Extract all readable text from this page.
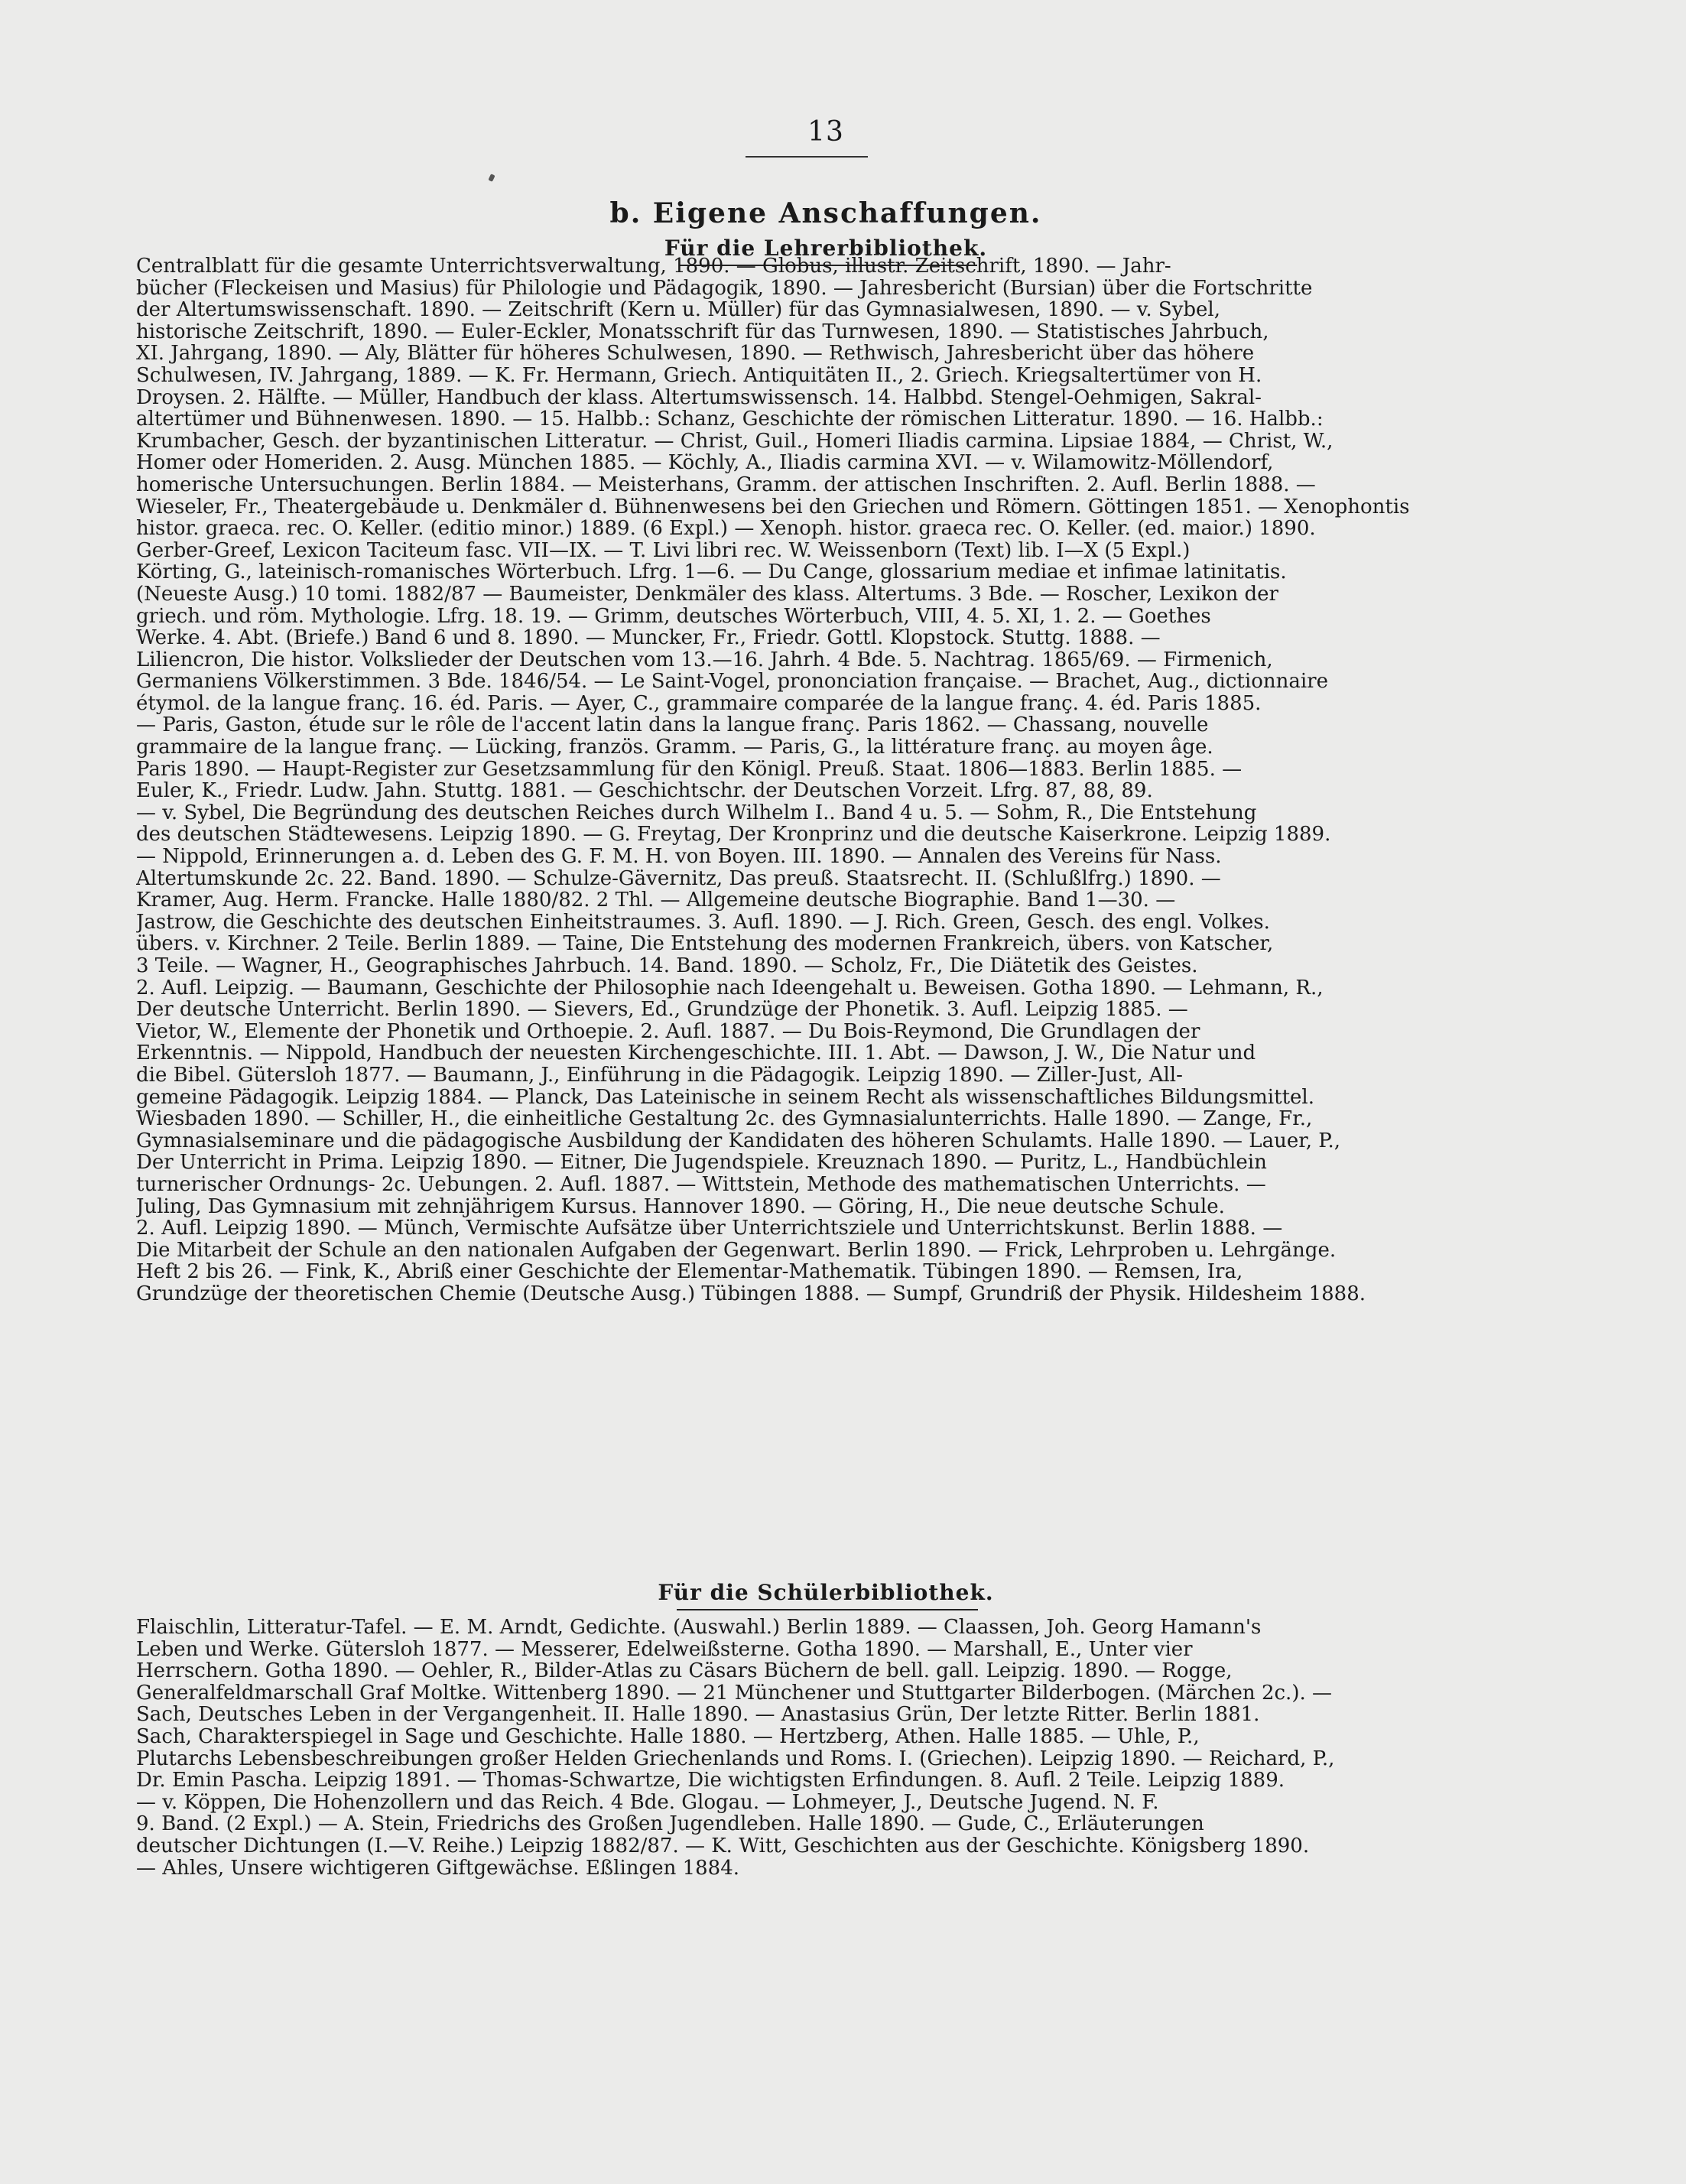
13
b. Eigene Anschaffungen.
Für die Lehrerbibliothek.
Centralblatt für die gesamte Unterrichtsverwaltung, 1890. — Globus, illustr. Zeitschrift, 1890. — Jahr-
bücher (Fleckeisen und Masius) für Philologie und Pädagogik, 1890. — Jahresbericht (Bursian) über die Fortschritte
der Altertumswissenschaft. 1890. — Zeitschrift (Kern u. Müller) für das Gymnasialwesen, 1890. — v. Sybel,
historische Zeitschrift, 1890. — Euler-Eckler, Monatsschrift für das Turnwesen, 1890. — Statistisches Jahrbuch,
XI. Jahrgang, 1890. — Aly, Blätter für höheres Schulwesen, 1890. — Rethwisch, Jahresbericht über das höhere
Schulwesen, IV. Jahrgang, 1889. — K. Fr. Hermann, Griech. Antiquitäten II., 2. Griech. Kriegsaltertümer von H.
Droysen. 2. Hälfte. — Müller, Handbuch der klass. Altertumswissensch. 14. Halbbd. Stengel-Oehmigen, Sakral-
altertümer und Bühnenwesen. 1890. — 15. Halbb.: Schanz, Geschichte der römischen Litteratur. 1890. — 16. Halbb.:
Krumbacher, Gesch. der byzantinischen Litteratur. — Christ, Guil., Homeri Iliadis carmina. Lipsiae 1884, — Christ, W.,
Homer oder Homeriden. 2. Ausg. München 1885. — Köchly, A., Iliadis carmina XVI. — v. Wilamowitz-Möllendorf,
homerische Untersuchungen. Berlin 1884. — Meisterhans, Gramm. der attischen Inschriften. 2. Aufl. Berlin 1888. —
Wieseler, Fr., Theatergebäude u. Denkmäler d. Bühnenwesens bei den Griechen und Römern. Göttingen 1851. — Xenophontis
histor. graeca. rec. O. Keller. (editio minor.) 1889. (6 Expl.) — Xenoph. histor. graeca rec. O. Keller. (ed. maior.) 1890.
Gerber-Greef, Lexicon Taciteum fasc. VII—IX. — T. Livi libri rec. W. Weissenborn (Text) lib. I—X (5 Expl.)
Körting, G., lateinisch-romanisches Wörterbuch. Lfrg. 1—6. — Du Cange, glossarium mediae et infimae latinitatis.
(Neueste Ausg.) 10 tomi. 1882/87 — Baumeister, Denkmäler des klass. Altertums. 3 Bde. — Roscher, Lexikon der
griech. und röm. Mythologie. Lfrg. 18. 19. — Grimm, deutsches Wörterbuch, VIII, 4. 5. XI, 1. 2. — Goethes
Werke. 4. Abt. (Briefe.) Band 6 und 8. 1890. — Muncker, Fr., Friedr. Gottl. Klopstock. Stuttg. 1888. —
Liliencron, Die histor. Volkslieder der Deutschen vom 13.—16. Jahrh. 4 Bde. 5. Nachtrag. 1865/69. — Firmenich,
Germaniens Völkerstimmen. 3 Bde. 1846/54. — Le Saint-Vogel, prononciation française. — Brachet, Aug., dictionnaire
étymol. de la langue franç. 16. éd. Paris. — Ayer, C., grammaire comparée de la langue franç. 4. éd. Paris 1885.
— Paris, Gaston, étude sur le rôle de l'accent latin dans la langue franç. Paris 1862. — Chassang, nouvelle
grammaire de la langue franç. — Lücking, französ. Gramm. — Paris, G., la littérature franç. au moyen âge.
Paris 1890. — Haupt-Register zur Gesetzsammlung für den Königl. Preuß. Staat. 1806—1883. Berlin 1885. —
Euler, K., Friedr. Ludw. Jahn. Stuttg. 1881. — Geschichtschr. der Deutschen Vorzeit. Lfrg. 87, 88, 89.
— v. Sybel, Die Begründung des deutschen Reiches durch Wilhelm I.. Band 4 u. 5. — Sohm, R., Die Entstehung
des deutschen Städtewesens. Leipzig 1890. — G. Freytag, Der Kronprinz und die deutsche Kaiserkrone. Leipzig 1889.
— Nippold, Erinnerungen a. d. Leben des G. F. M. H. von Boyen. III. 1890. — Annalen des Vereins für Nass.
Altertumskunde 2c. 22. Band. 1890. — Schulze-Gävernitz, Das preuß. Staatsrecht. II. (Schlußlfrg.) 1890. —
Kramer, Aug. Herm. Francke. Halle 1880/82. 2 Thl. — Allgemeine deutsche Biographie. Band 1—30. —
Jastrow, die Geschichte des deutschen Einheitstraumes. 3. Aufl. 1890. — J. Rich. Green, Gesch. des engl. Volkes.
übers. v. Kirchner. 2 Teile. Berlin 1889. — Taine, Die Entstehung des modernen Frankreich, übers. von Katscher,
3 Teile. — Wagner, H., Geographisches Jahrbuch. 14. Band. 1890. — Scholz, Fr., Die Diätetik des Geistes.
2. Aufl. Leipzig. — Baumann, Geschichte der Philosophie nach Ideengehalt u. Beweisen. Gotha 1890. — Lehmann, R.,
Der deutsche Unterricht. Berlin 1890. — Sievers, Ed., Grundzüge der Phonetik. 3. Aufl. Leipzig 1885. —
Vietor, W., Elemente der Phonetik und Orthoepie. 2. Aufl. 1887. — Du Bois-Reymond, Die Grundlagen der
Erkenntnis. — Nippold, Handbuch der neuesten Kirchengeschichte. III. 1. Abt. — Dawson, J. W., Die Natur und
die Bibel. Gütersloh 1877. — Baumann, J., Einführung in die Pädagogik. Leipzig 1890. — Ziller-Just, All-
gemeine Pädagogik. Leipzig 1884. — Planck, Das Lateinische in seinem Recht als wissenschaftliches Bildungsmittel.
Wiesbaden 1890. — Schiller, H., die einheitliche Gestaltung 2c. des Gymnasialunterrichts. Halle 1890. — Zange, Fr.,
Gymnasialseminare und die pädagogische Ausbildung der Kandidaten des höheren Schulamts. Halle 1890. — Lauer, P.,
Der Unterricht in Prima. Leipzig 1890. — Eitner, Die Jugendspiele. Kreuznach 1890. — Puritz, L., Handbüchlein
turnerischer Ordnungs- 2c. Uebungen. 2. Aufl. 1887. — Wittstein, Methode des mathematischen Unterrichts. —
Juling, Das Gymnasium mit zehnjährigem Kursus. Hannover 1890. — Göring, H., Die neue deutsche Schule.
2. Aufl. Leipzig 1890. — Münch, Vermischte Aufsätze über Unterrichtsziele und Unterrichtskunst. Berlin 1888. —
Die Mitarbeit der Schule an den nationalen Aufgaben der Gegenwart. Berlin 1890. — Frick, Lehrproben u. Lehrgänge.
Heft 2 bis 26. — Fink, K., Abriß einer Geschichte der Elementar-Mathematik. Tübingen 1890. — Remsen, Ira,
Grundzüge der theoretischen Chemie (Deutsche Ausg.) Tübingen 1888. — Sumpf, Grundriß der Physik. Hildesheim 1888.
Für die Schülerbibliothek.
Flaischlin, Litteratur-Tafel. — E. M. Arndt, Gedichte. (Auswahl.) Berlin 1889. — Claassen, Joh. Georg Hamann's
Leben und Werke. Gütersloh 1877. — Messerer, Edelweißsterne. Gotha 1890. — Marshall, E., Unter vier
Herrschern. Gotha 1890. — Oehler, R., Bilder-Atlas zu Cäsars Büchern de bell. gall. Leipzig. 1890. — Rogge,
Generalfeldmarschall Graf Moltke. Wittenberg 1890. — 21 Münchener und Stuttgarter Bilderbogen. (Märchen 2c.). —
Sach, Deutsches Leben in der Vergangenheit. II. Halle 1890. — Anastasius Grün, Der letzte Ritter. Berlin 1881.
Sach, Charakterspiegel in Sage und Geschichte. Halle 1880. — Hertzberg, Athen. Halle 1885. — Uhle, P.,
Plutarchs Lebensbeschreibungen großer Helden Griechenlands und Roms. I. (Griechen). Leipzig 1890. — Reichard, P.,
Dr. Emin Pascha. Leipzig 1891. — Thomas-Schwartze, Die wichtigsten Erfindungen. 8. Aufl. 2 Teile. Leipzig 1889.
— v. Köppen, Die Hohenzollern und das Reich. 4 Bde. Glogau. — Lohmeyer, J., Deutsche Jugend. N. F.
9. Band. (2 Expl.) — A. Stein, Friedrichs des Großen Jugendleben. Halle 1890. — Gude, C., Erläuterungen
deutscher Dichtungen (I.—V. Reihe.) Leipzig 1882/87. — K. Witt, Geschichten aus der Geschichte. Königsberg 1890.
— Ahles, Unsere wichtigeren Giftgewächse. Eßlingen 1884.
